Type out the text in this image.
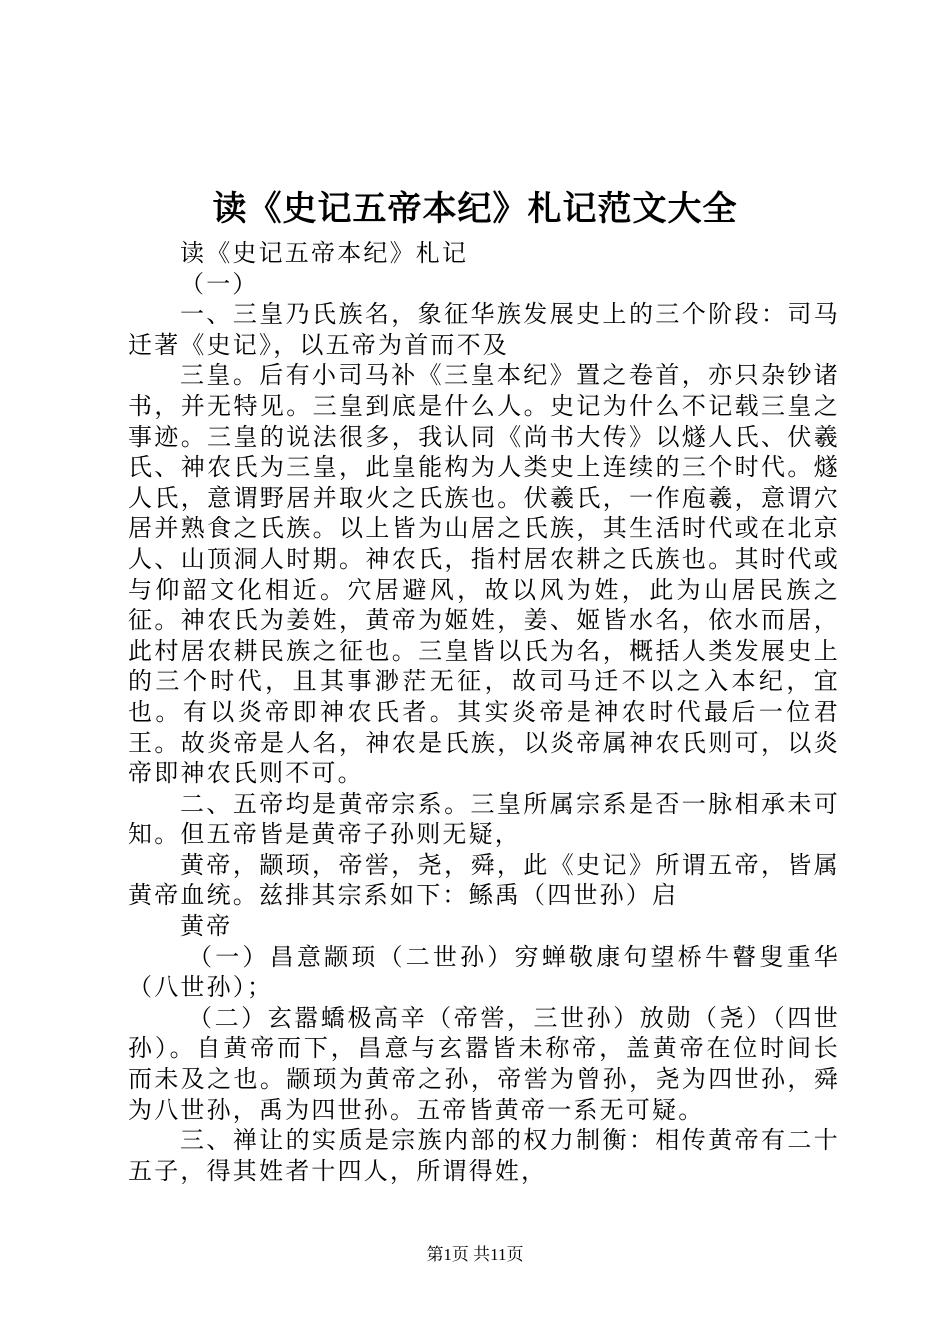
读《史记五帝本纪》札记范文大全

读《史记五帝本纪》札记

（一）

一、三皇乃氏族名，象征华族发展史上的三个阶段：司马迁著《史记》，以五帝为首而不及

三皇。后有小司马补《三皇本纪》置之卷首，亦只杂钞诸书，并无特见。三皇到底是什么人。史记为什么不记载三皇之事迹。三皇的说法很多，我认同《尚书大传》以燧人氏、伏羲氏、神农氏为三皇，此皇能构为人类史上连续的三个时代。燧人氏，意谓野居并取火之氏族也。伏羲氏，一作庖羲，意谓穴居并熟食之氏族。以上皆为山居之氏族，其生活时代或在北京人、山顶洞人时期。神农氏，指村居农耕之氏族也。其时代或与仰韶文化相近。穴居避风，故以风为姓，此为山居民族之征。神农氏为姜姓，黄帝为姬姓，姜、姬皆水名，依水而居，此村居农耕民族之征也。三皇皆以氏为名，概括人类发展史上的三个时代，且其事渺茫无征，故司马迁不以之入本纪，宜也。有以炎帝即神农氏者。其实炎帝是神农时代最后一位君王。故炎帝是人名，神农是氏族，以炎帝属神农氏则可，以炎帝即神农氏则不可。

二、五帝均是黄帝宗系。三皇所属宗系是否一脉相承未可知。但五帝皆是黄帝子孙则无疑，

黄帝，颛顼，帝喾，尧，舜，此《史记》所谓五帝，皆属黄帝血统。兹排其宗系如下：鲧禹（四世孙）启

黄帝

（一）昌意颛顼（二世孙）穷蝉敬康句望桥牛瞽叟重华（八世孙）；

（二）玄嚣蟜极高辛（帝喾，三世孙）放勋（尧）（四世孙）。自黄帝而下，昌意与玄嚣皆未称帝，盖黄帝在位时间长而未及之也。颛顼为黄帝之孙，帝喾为曾孙，尧为四世孙，舜为八世孙，禹为四世孙。五帝皆黄帝一系无可疑。

三、禅让的实质是宗族内部的权力制衡：相传黄帝有二十五子，得其姓者十四人，所谓得姓，

第1页 共11页
